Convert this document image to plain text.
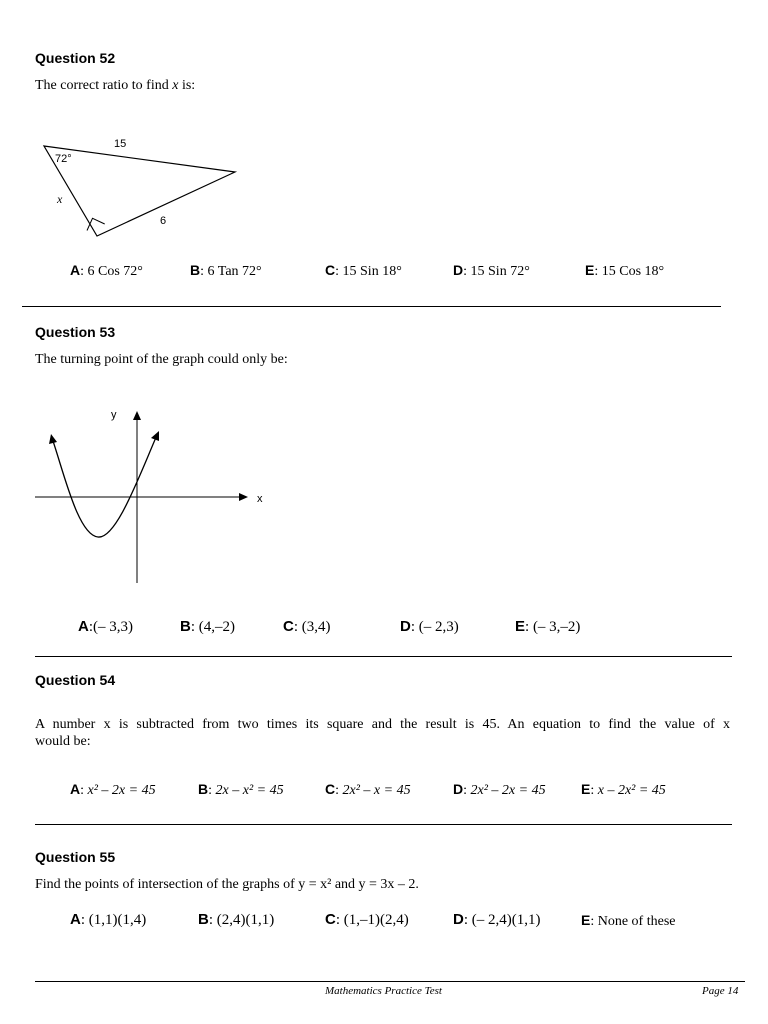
Question 52
The correct ratio to find x is:
15
72°
x
6
A: 6 Cos 72°	B: 6 Tan 72°	C: 15 Sin 18°	D: 15 Sin 72°	E: 15 Cos 18°
Question 53
The turning point of the graph could only be:
y
x
A:(– 3,3)	B: (4,–2)	C: (3,4)	D: (– 2,3)	E: (– 3,–2)
Question 54
A number x is subtracted from two times its square and the result is 45. An equation to find the value of x
would be:
A: x² – 2x = 45	B: 2x – x² = 45	C: 2x² – x = 45	D: 2x² – 2x = 45	E: x – 2x² = 45
Question 55
Find the points of intersection of the graphs of y = x² and y = 3x – 2.
A: (1,1)(1,4)	B: (2,4)(1,1)	C: (1,–1)(2,4)	D: (– 2,4)(1,1)	E: None of these
Mathematics Practice Test	Page 14
